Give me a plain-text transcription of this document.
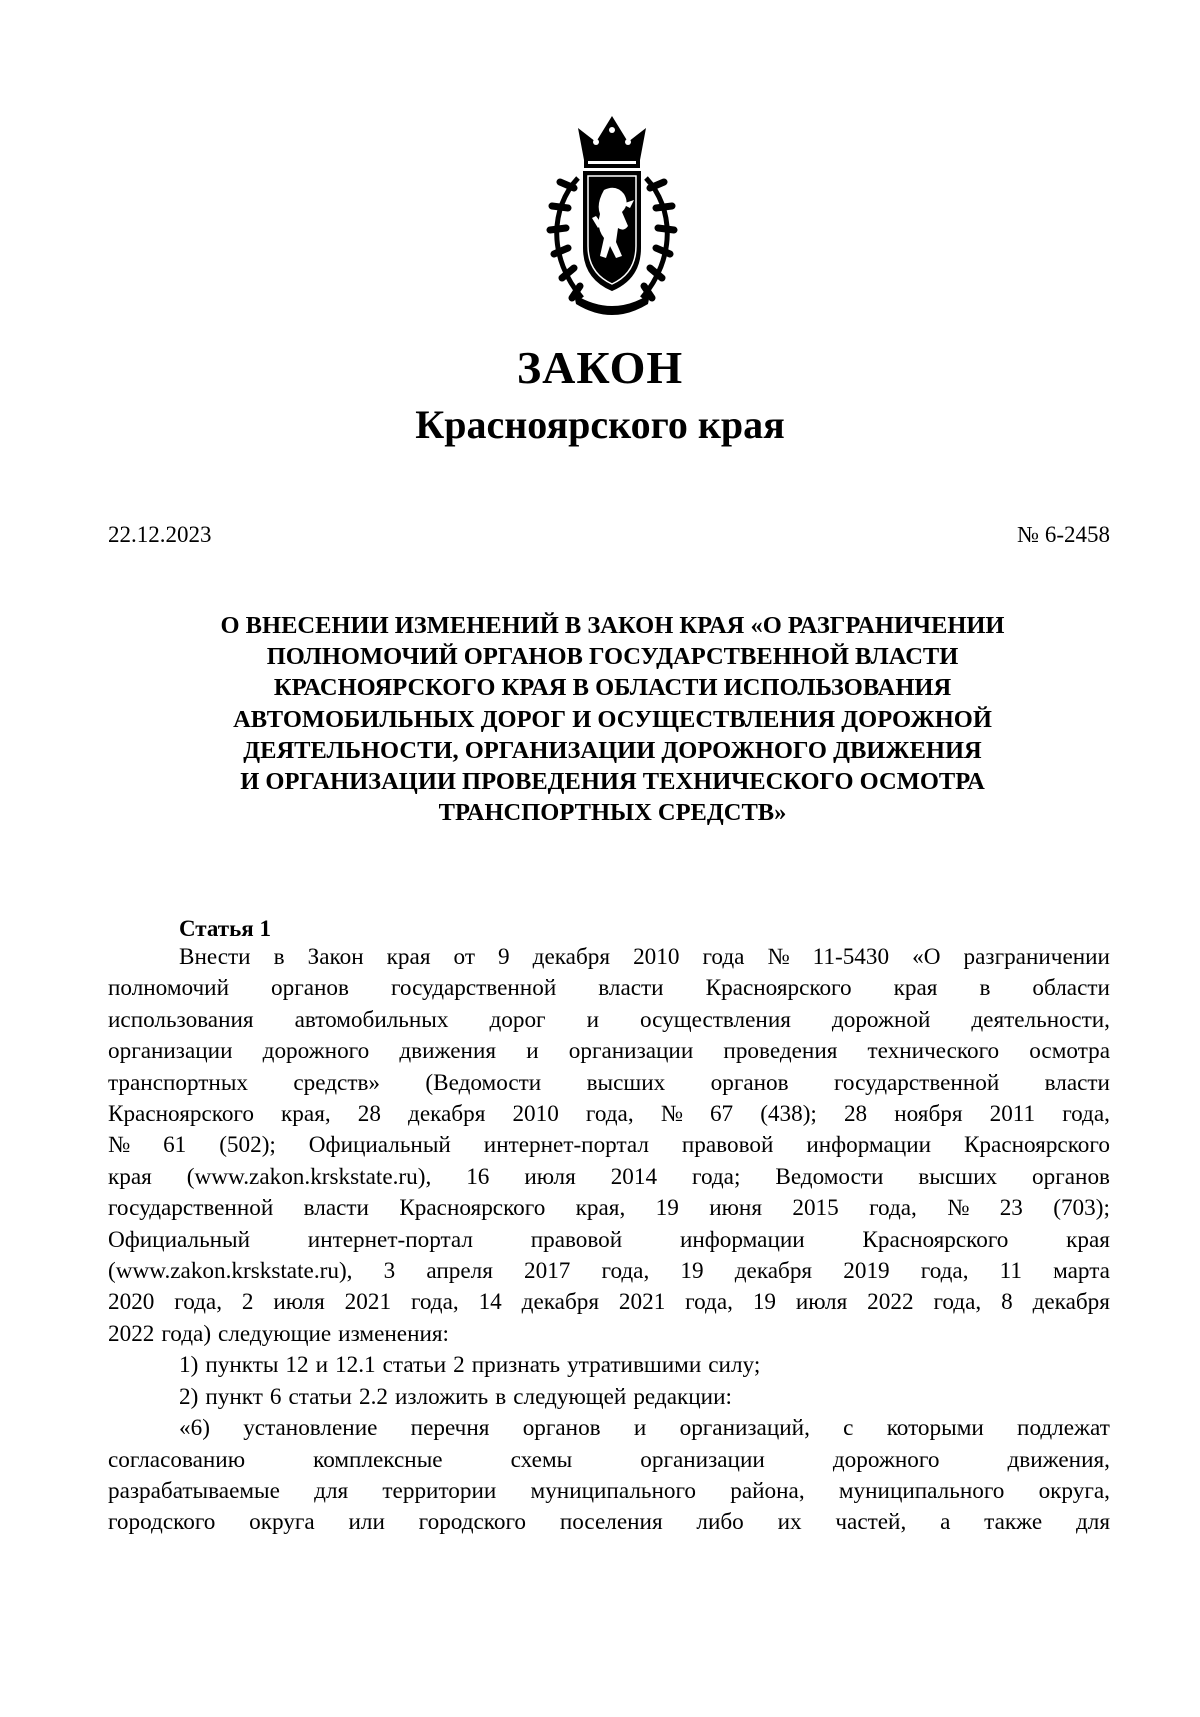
ЗАКОН
Красноярского края
22.12.2023	№ 6-2458
О ВНЕСЕНИИ ИЗМЕНЕНИЙ В ЗАКОН КРАЯ «О РАЗГРАНИЧЕНИИ
ПОЛНОМОЧИЙ ОРГАНОВ ГОСУДАРСТВЕННОЙ ВЛАСТИ
КРАСНОЯРСКОГО КРАЯ В ОБЛАСТИ ИСПОЛЬЗОВАНИЯ
АВТОМОБИЛЬНЫХ ДОРОГ И ОСУЩЕСТВЛЕНИЯ ДОРОЖНОЙ
ДЕЯТЕЛЬНОСТИ, ОРГАНИЗАЦИИ ДОРОЖНОГО ДВИЖЕНИЯ
И ОРГАНИЗАЦИИ ПРОВЕДЕНИЯ ТЕХНИЧЕСКОГО ОСМОТРА
ТРАНСПОРТНЫХ СРЕДСТВ»
Статья 1
Внести в Закон края от 9 декабря 2010 года № 11-5430 «О разграничении
полномочий органов государственной власти Красноярского края в области
использования автомобильных дорог и осуществления дорожной деятельности,
организации дорожного движения и организации проведения технического осмотра
транспортных средств» (Ведомости высших органов государственной власти
Красноярского края, 28 декабря 2010 года, № 67 (438); 28 ноября 2011 года,
№ 61 (502); Официальный интернет-портал правовой информации Красноярского
края (www.zakon.krskstate.ru), 16 июля 2014 года; Ведомости высших органов
государственной власти Красноярского края, 19 июня 2015 года, № 23 (703);
Официальный интернет-портал правовой информации Красноярского края
(www.zakon.krskstate.ru), 3 апреля 2017 года, 19 декабря 2019 года, 11 марта
2020 года, 2 июля 2021 года, 14 декабря 2021 года, 19 июля 2022 года, 8 декабря
2022 года) следующие изменения:
1) пункты 12 и 12.1 статьи 2 признать утратившими силу;
2) пункт 6 статьи 2.2 изложить в следующей редакции:
«6) установление перечня органов и организаций, с которыми подлежат
согласованию	комплексные	схемы	организации	дорожного	движения,
разрабатываемые для территории муниципального района, муниципального округа,
городского округа или городского поселения либо их частей, а также для
